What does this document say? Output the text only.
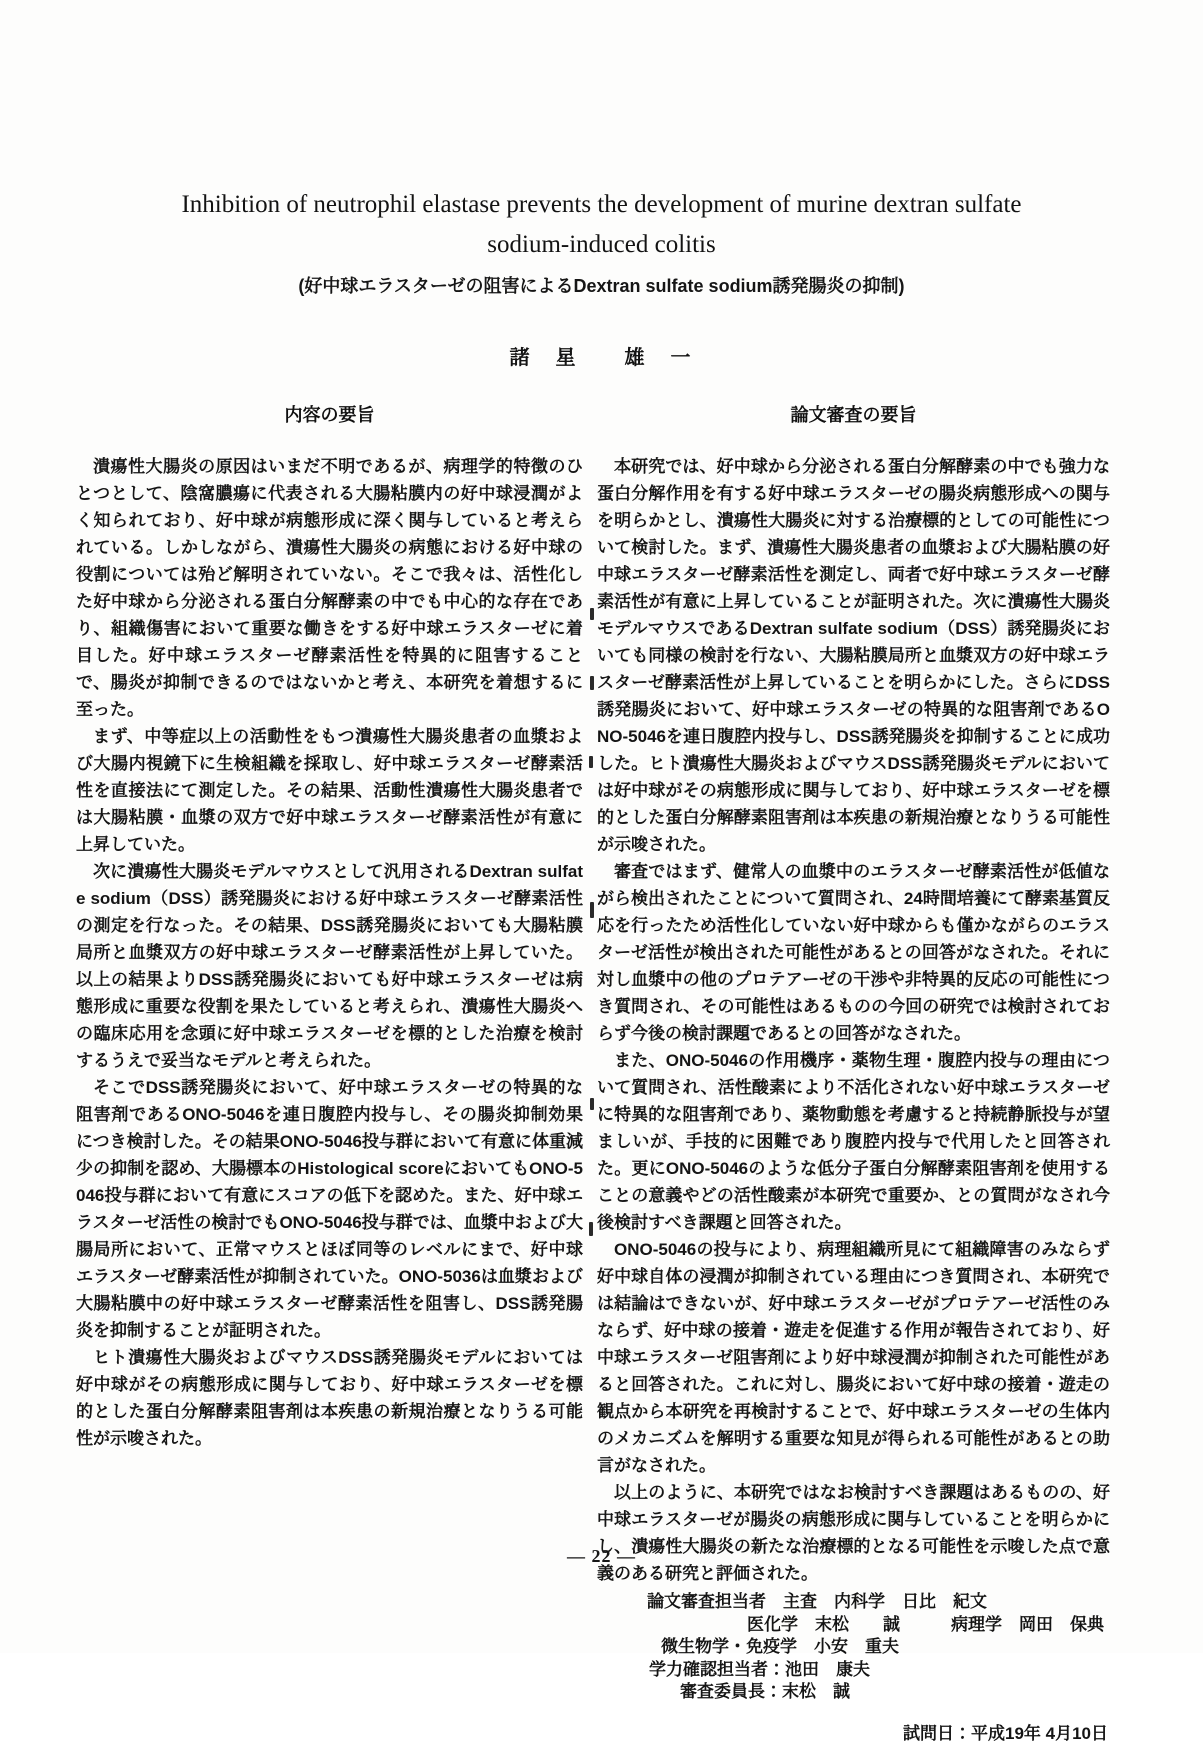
Inhibition of neutrophil elastase prevents the development of murine dextran sulfate
sodium-induced colitis
(好中球エラスターゼの阻害によるDextran sulfate sodium誘発腸炎の抑制)
諸　星　　雄　一
内容の要旨

潰瘍性大腸炎の原因はいまだ不明であるが、病理学的特徴のひとつとして、陰窩膿瘍に代表される大腸粘膜内の好中球浸潤がよく知られており、好中球が病態形成に深く関与していると考えられている。しかしながら、潰瘍性大腸炎の病態における好中球の役割については殆ど解明されていない。そこで我々は、活性化した好中球から分泌される蛋白分解酵素の中でも中心的な存在であり、組織傷害において重要な働きをする好中球エラスターゼに着目した。好中球エラスターゼ酵素活性を特異的に阻害することで、腸炎が抑制できるのではないかと考え、本研究を着想するに至った。

まず、中等症以上の活動性をもつ潰瘍性大腸炎患者の血漿および大腸内視鏡下に生検組織を採取し、好中球エラスターゼ酵素活性を直接法にて測定した。その結果、活動性潰瘍性大腸炎患者では大腸粘膜・血漿の双方で好中球エラスターゼ酵素活性が有意に上昇していた。

次に潰瘍性大腸炎モデルマウスとして汎用されるDextran sulfate sodium（DSS）誘発腸炎における好中球エラスターゼ酵素活性の測定を行なった。その結果、DSS誘発腸炎においても大腸粘膜局所と血漿双方の好中球エラスターゼ酵素活性が上昇していた。以上の結果よりDSS誘発腸炎においても好中球エラスターゼは病態形成に重要な役割を果たしていると考えられ、潰瘍性大腸炎への臨床応用を念頭に好中球エラスターゼを標的とした治療を検討するうえで妥当なモデルと考えられた。

そこでDSS誘発腸炎において、好中球エラスターゼの特異的な阻害剤であるONO-5046を連日腹腔内投与し、その腸炎抑制効果につき検討した。その結果ONO-5046投与群において有意に体重減少の抑制を認め、大腸標本のHistological scoreにおいてもONO-5046投与群において有意にスコアの低下を認めた。また、好中球エラスターゼ活性の検討でもONO-5046投与群では、血漿中および大腸局所において、正常マウスとほぼ同等のレベルにまで、好中球エラスターゼ酵素活性が抑制されていた。ONO-5036は血漿および大腸粘膜中の好中球エラスターゼ酵素活性を阻害し、DSS誘発腸炎を抑制することが証明された。

ヒト潰瘍性大腸炎およびマウスDSS誘発腸炎モデルにおいては好中球がその病態形成に関与しており、好中球エラスターゼを標的とした蛋白分解酵素阻害剤は本疾患の新規治療となりうる可能性が示唆された。

論文審査の要旨

本研究では、好中球から分泌される蛋白分解酵素の中でも強力な蛋白分解作用を有する好中球エラスターゼの腸炎病態形成への関与を明らかとし、潰瘍性大腸炎に対する治療標的としての可能性について検討した。まず、潰瘍性大腸炎患者の血漿および大腸粘膜の好中球エラスターゼ酵素活性を測定し、両者で好中球エラスターゼ酵素活性が有意に上昇していることが証明された。次に潰瘍性大腸炎モデルマウスであるDextran sulfate sodium（DSS）誘発腸炎においても同様の検討を行ない、大腸粘膜局所と血漿双方の好中球エラスターゼ酵素活性が上昇していることを明らかにした。さらにDSS誘発腸炎において、好中球エラスターゼの特異的な阻害剤であるONO-5046を連日腹腔内投与し、DSS誘発腸炎を抑制することに成功した。ヒト潰瘍性大腸炎およびマウスDSS誘発腸炎モデルにおいては好中球がその病態形成に関与しており、好中球エラスターゼを標的とした蛋白分解酵素阻害剤は本疾患の新規治療となりうる可能性が示唆された。

審査ではまず、健常人の血漿中のエラスターゼ酵素活性が低値ながら検出されたことについて質問され、24時間培養にて酵素基質反応を行ったため活性化していない好中球からも僅かながらのエラスターゼ活性が検出された可能性があるとの回答がなされた。それに対し血漿中の他のプロテアーゼの干渉や非特異的反応の可能性につき質問され、その可能性はあるものの今回の研究では検討されておらず今後の検討課題であるとの回答がなされた。

また、ONO-5046の作用機序・薬物生理・腹腔内投与の理由について質問され、活性酸素により不活化されない好中球エラスターゼに特異的な阻害剤であり、薬物動態を考慮すると持続静脈投与が望ましいが、手技的に困難であり腹腔内投与で代用したと回答された。更にONO-5046のような低分子蛋白分解酵素阻害剤を使用することの意義やどの活性酸素が本研究で重要か、との質問がなされ今後検討すべき課題と回答された。

ONO-5046の投与により、病理組織所見にて組織障害のみならず好中球自体の浸潤が抑制されている理由につき質問され、本研究では結論はできないが、好中球エラスターゼがプロテアーゼ活性のみならず、好中球の接着・遊走を促進する作用が報告されており、好中球エラスターゼ阻害剤により好中球浸潤が抑制された可能性があると回答された。これに対し、腸炎において好中球の接着・遊走の観点から本研究を再検討することで、好中球エラスターゼの生体内のメカニズムを解明する重要な知見が得られる可能性があるとの助言がなされた。

以上のように、本研究ではなお検討すべき課題はあるものの、好中球エラスターゼが腸炎の病態形成に関与していることを明らかにし、潰瘍性大腸炎の新たな治療標的となる可能性を示唆した点で意義のある研究と評価された。

論文審査担当者　主査　内科学　日比　紀文
医化学　末松　　誠　　　病理学　岡田　保典
微生物学・免疫学　小安　重夫
学力確認担当者：池田　康夫
審査委員長：末松　誠
試問日：平成19年 4月10日
— 22 —
